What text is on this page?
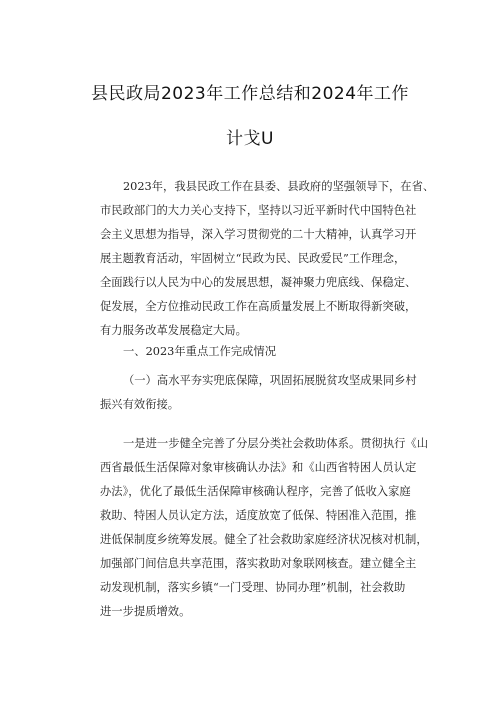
县民政局2023年工作总结和2024年工作
计戈U

2023年，我县民政工作在县委、县政府的坚强领导下，在省、
市民政部门的大力关心支持下，坚持以习近平新时代中国特色社
会主义思想为指导，深入学习贯彻党的二十大精神，认真学习开
展主题教育活动，牢固树立“民政为民、民政爱民”工作理念，
全面践行以人民为中心的发展思想，凝神聚力兜底线、保稳定、
促发展，全方位推动民政工作在高质量发展上不断取得新突破，
有力服务改革发展稳定大局。

一、2023年重点工作完成情况

（一）高水平夯实兜底保障，巩固拓展脱贫攻坚成果同乡村
振兴有效衔接。

一是进一步健全完善了分层分类社会救助体系。贯彻执行《山
西省最低生活保障对象审核确认办法》和《山西省特困人员认定
办法》，优化了最低生活保障审核确认程序，完善了低收入家庭
救助、特困人员认定方法，适度放宽了低保、特困准入范围，推
进低保制度乡统筹发展。健全了社会救助家庭经济状况核对机制，
加强部门间信息共享范围，落实救助对象联网核查。建立健全主
动发现机制，落实乡镇“一门受理、协同办理”机制，社会救助
进一步提质增效。
